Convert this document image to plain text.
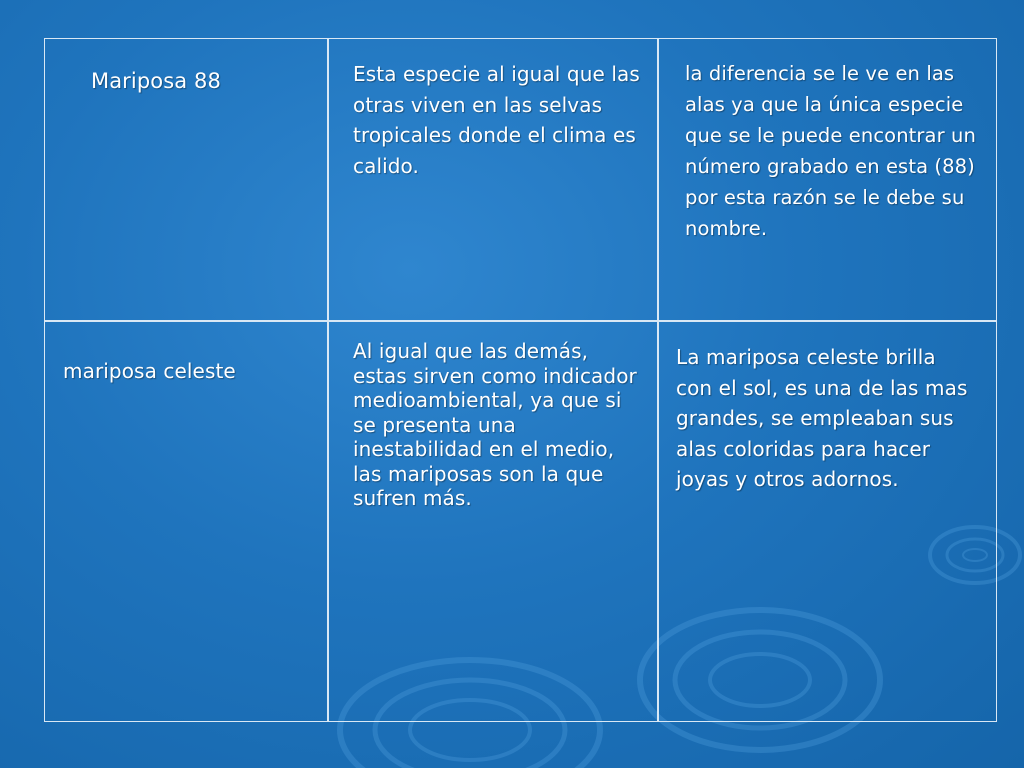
Mariposa 88	Esta especie al igual que las otras viven en las selvas tropicales donde el clima es calido.
la diferencia se le ve en las alas ya que la única especie que se le puede encontrar un número grabado en esta (88) por esta razón se le debe su nombre.
mariposa celeste
Al igual que las demás, estas sirven como indicador medioambiental, ya que si se presenta una inestabilidad en el medio, las mariposas son la que sufren más.
La mariposa celeste brilla con el sol, es una de las mas grandes, se empleaban sus alas coloridas para hacer joyas y otros adornos.
